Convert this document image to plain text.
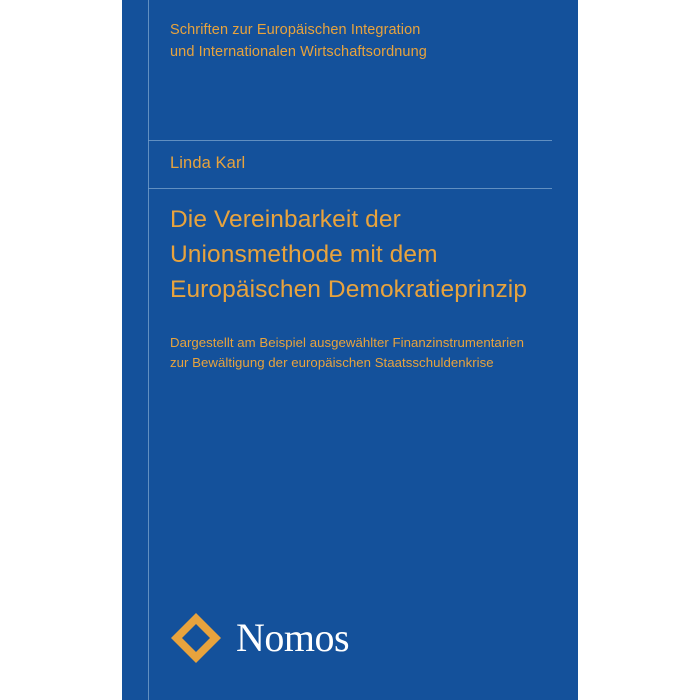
Schriften zur Europäischen Integration
und Internationalen Wirtschaftsordnung
Linda Karl
Die Vereinbarkeit der Unionsmethode mit dem Europäischen Demokratieprinzip
Dargestellt am Beispiel ausgewählter Finanzinstrumentarien
zur Bewältigung der europäischen Staatsschuldenkrise
Nomos
